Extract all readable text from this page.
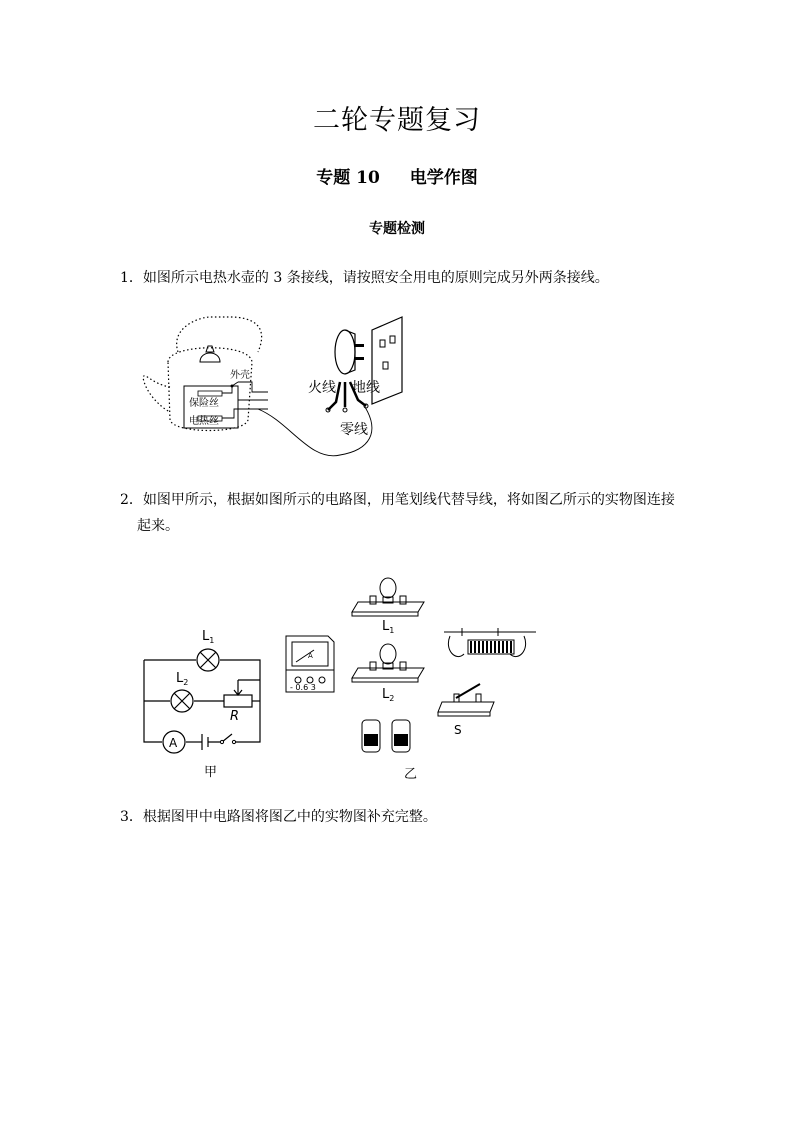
二轮专题复习
专题 10 电学作图
专题检测
1．如图所示电热水壶的 3 条接线，请按照安全用电的原则完成另外两条接线。
保险丝
电热丝
外壳
火线 地线
零线
2．如图甲所示，根据如图所示的电路图，用笔划线代替导线，将如图乙所示的实物图连接
起来。
$L_1$
$L_2$
R
A
甲
A
- 0.6 3
$L_1$
$L_2$
S
乙
3．根据图甲中电路图将图乙中的实物图补充完整。
